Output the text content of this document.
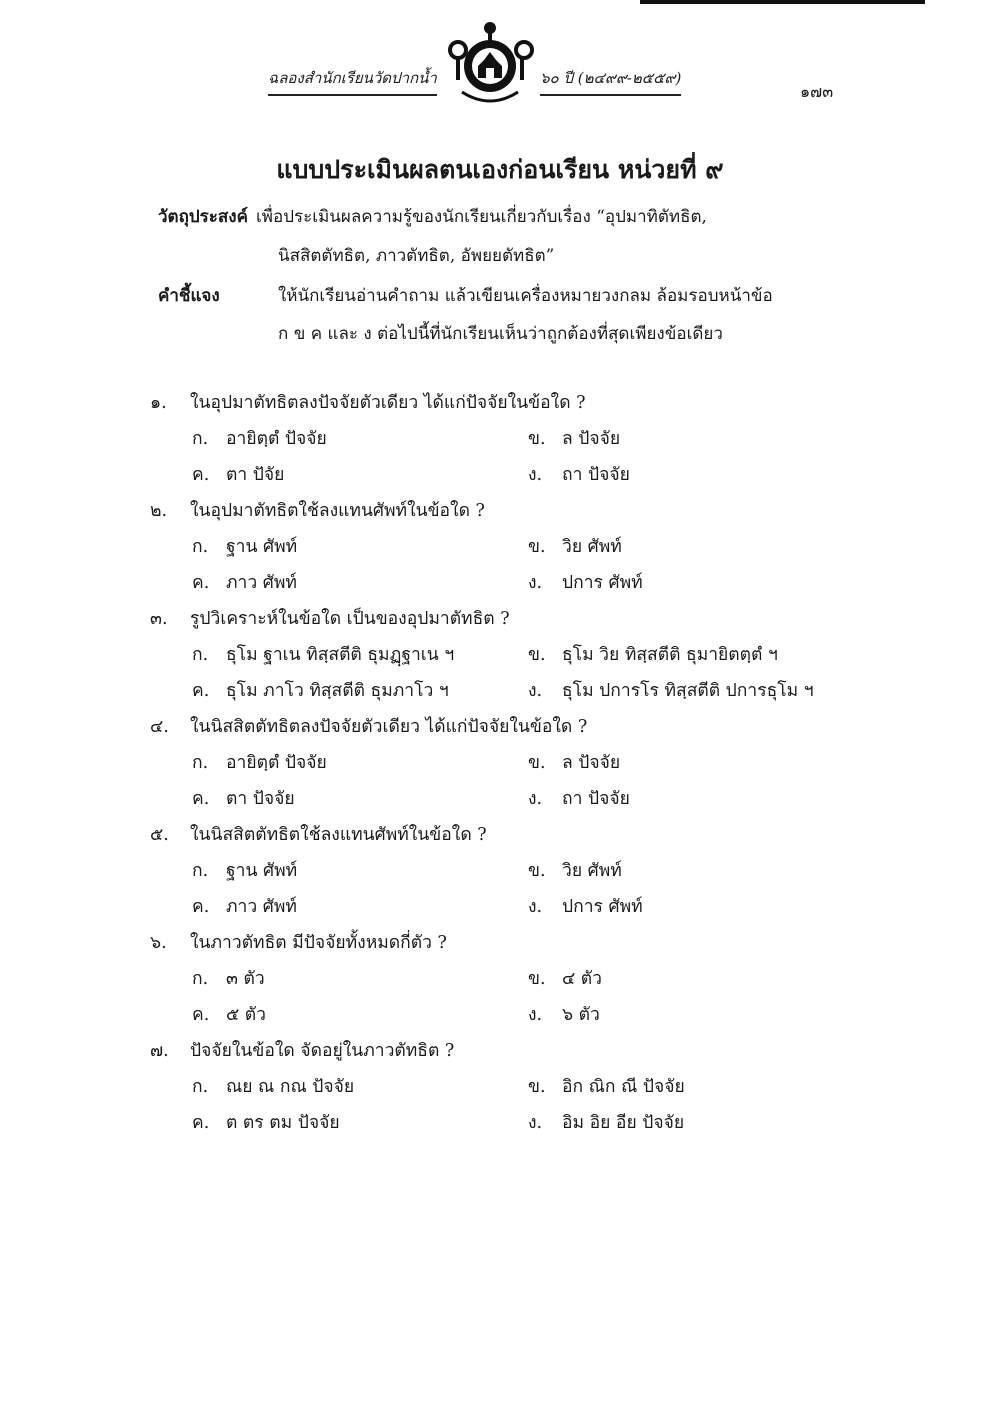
ฉลองสำนักเรียนวัดปากน้ำ	๖๐ ปี (๒๔๙๙-๒๕๕๙)
๑๗๓
แบบประเมินผลตนเองก่อนเรียน หน่วยที่ ๙
วัตถุประสงค์ เพื่อประเมินผลความรู้ของนักเรียนเกี่ยวกับเรื่อง “อุปมาทิตัทธิต,
นิสสิตตัทธิต, ภาวตัทธิต, อัพยยตัทธิต”
คำชี้แจง	ให้นักเรียนอ่านคำถาม แล้วเขียนเครื่องหมายวงกลม ล้อมรอบหน้าข้อ
ก ข ค และ ง ต่อไปนี้ที่นักเรียนเห็นว่าถูกต้องที่สุดเพียงข้อเดียว
๑. ในอุปมาตัทธิตลงปัจจัยตัวเดียว ได้แก่ปัจจัยในข้อใด ?
ก. อายิตฺตํ ปัจจัย	ข. ล ปัจจัย
ค. ตา ปัจัย	ง. ถา ปัจจัย
๒. ในอุปมาตัทธิตใช้ลงแทนศัพท์ในข้อใด ?
ก. ฐาน ศัพท์	ข. วิย ศัพท์
ค. ภาว ศัพท์	ง. ปการ ศัพท์
๓. รูปวิเคราะห์ในข้อใด เป็นของอุปมาตัทธิต ?
ก. ธุโม ฐาเน ทิสฺสตีติ ธุมฏฺฐาเน ฯ	ข. ธุโม วิย ทิสฺสตีติ ธุมายิตตฺตํ ฯ
ค. ธุโม ภาโว ทิสฺสตีติ ธุมภาโว ฯ	ง. ธุโม ปการโร ทิสฺสตีติ ปการธุโม ฯ
๔. ในนิสสิตตัทธิตลงปัจจัยตัวเดียว ได้แก่ปัจจัยในข้อใด ?
ก. อายิตฺตํ ปัจจัย	ข. ล ปัจจัย
ค. ตา ปัจจัย	ง. ถา ปัจจัย
๕. ในนิสสิตตัทธิตใช้ลงแทนศัพท์ในข้อใด ?
ก. ฐาน ศัพท์	ข. วิย ศัพท์
ค. ภาว ศัพท์	ง. ปการ ศัพท์
๖. ในภาวตัทธิต มีปัจจัยทั้งหมดกี่ตัว ?
ก. ๓ ตัว	ข. ๔ ตัว
ค. ๕ ตัว	ง. ๖ ตัว
๗. ปัจจัยในข้อใด จัดอยู่ในภาวตัทธิต ?
ก. ณย ณ กณ ปัจจัย	ข. อิก ณิก ณี ปัจจัย
ค. ต ตร ตม ปัจจัย	ง. อิม อิย อีย ปัจจัย
